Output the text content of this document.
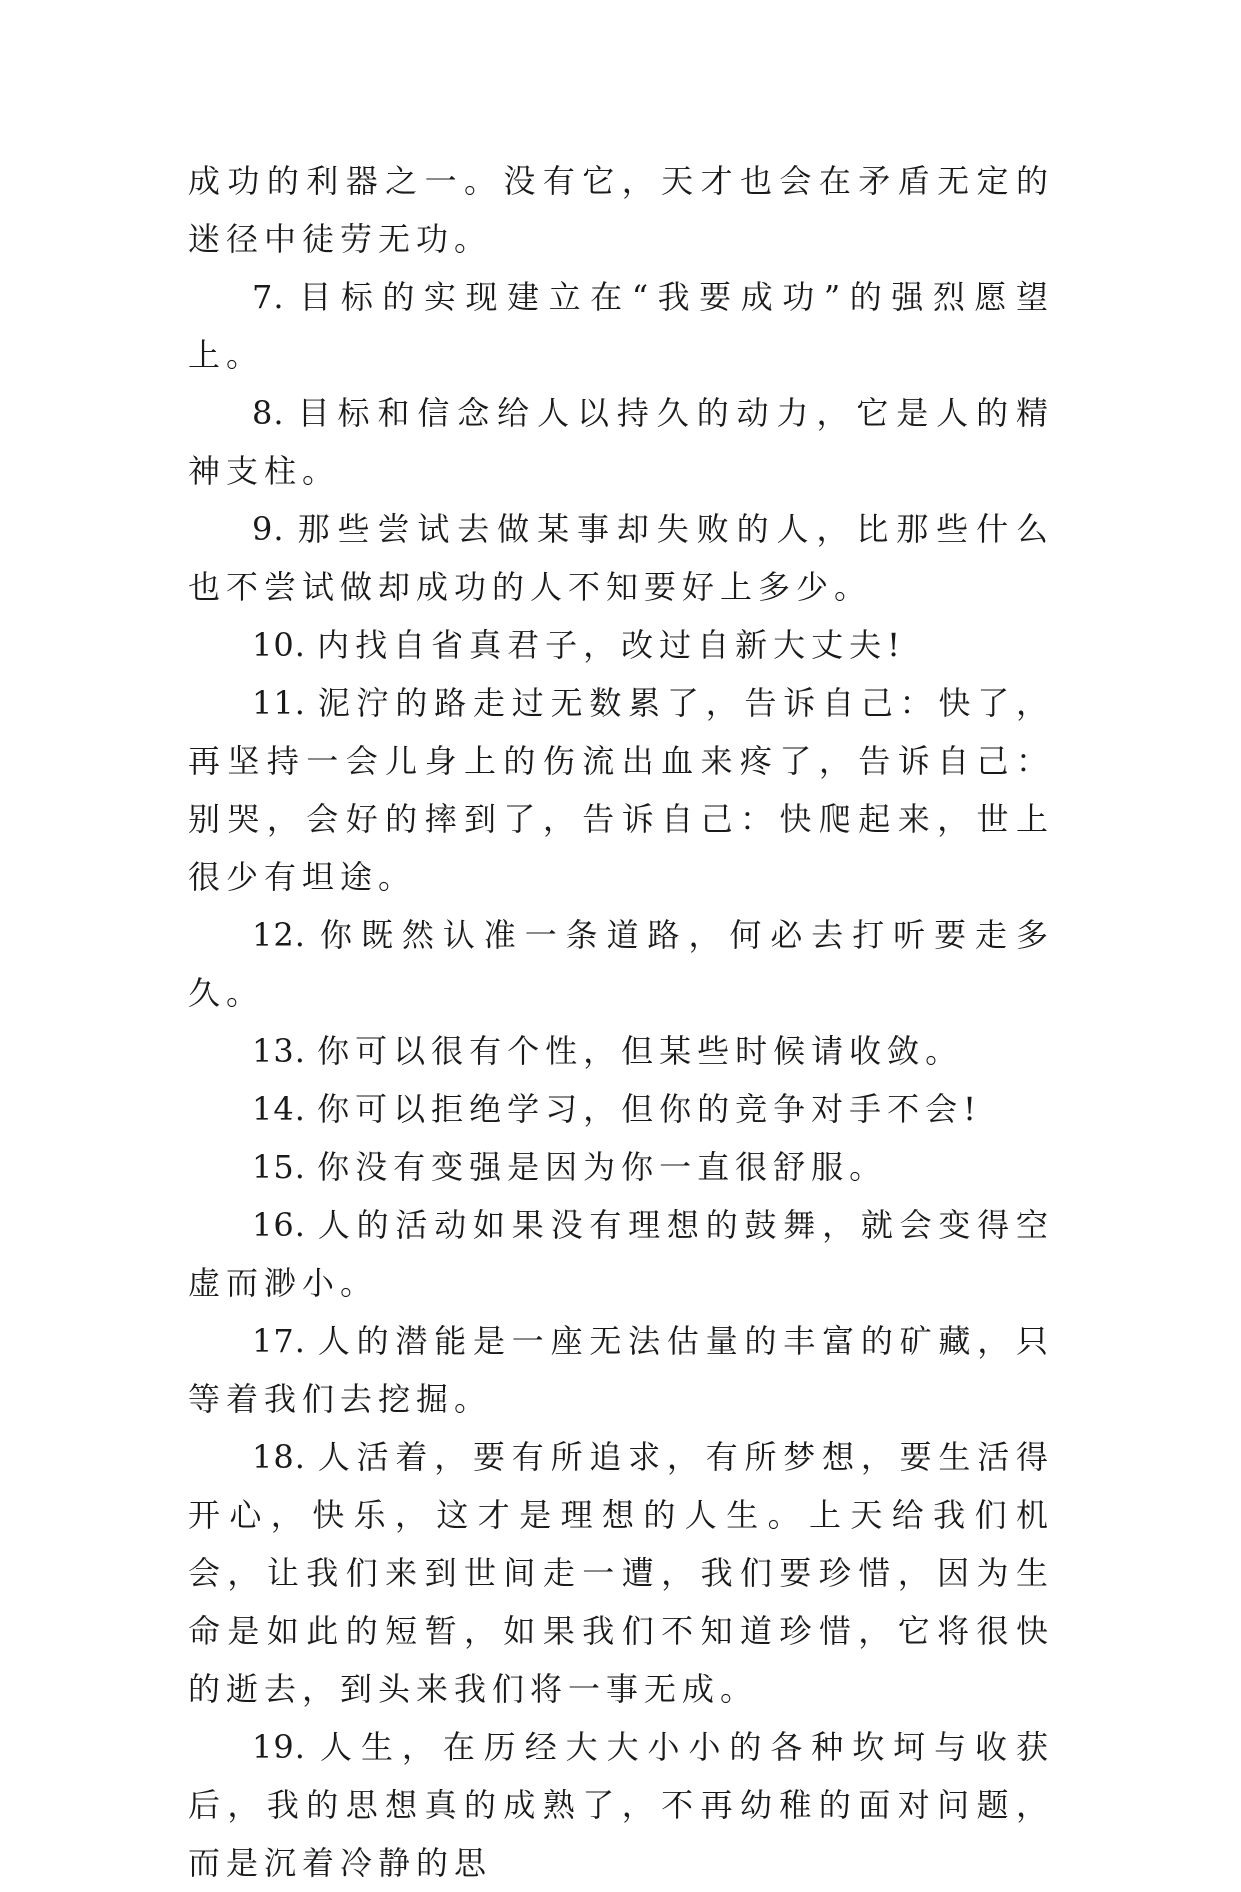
成功的利器之一。没有它，天才也会在矛盾无定的迷径中徒劳无功。

7. 目标的实现建立在“我要成功”的强烈愿望上。

8. 目标和信念给人以持久的动力，它是人的精神支柱。

9. 那些尝试去做某事却失败的人，比那些什么也不尝试做却成功的人不知要好上多少。

10. 内找自省真君子，改过自新大丈夫!

11. 泥泞的路走过无数累了，告诉自己：快了，再坚持一会儿身上的伤流出血来疼了，告诉自己：别哭，会好的摔到了，告诉自己：快爬起来，世上很少有坦途。

12. 你既然认准一条道路，何必去打听要走多久。

13. 你可以很有个性，但某些时候请收敛。

14. 你可以拒绝学习，但你的竞争对手不会!

15. 你没有变强是因为你一直很舒服。

16. 人的活动如果没有理想的鼓舞，就会变得空虚而渺小。

17. 人的潜能是一座无法估量的丰富的矿藏，只等着我们去挖掘。

18. 人活着，要有所追求，有所梦想，要生活得开心，快乐，这才是理想的人生。上天给我们机会，让我们来到世间走一遭，我们要珍惜，因为生命是如此的短暂，如果我们不知道珍惜，它将很快的逝去，到头来我们将一事无成。

19. 人生，在历经大大小小的各种坎坷与收获后，我的思想真的成熟了，不再幼稚的面对问题，而是沉着冷静的思
